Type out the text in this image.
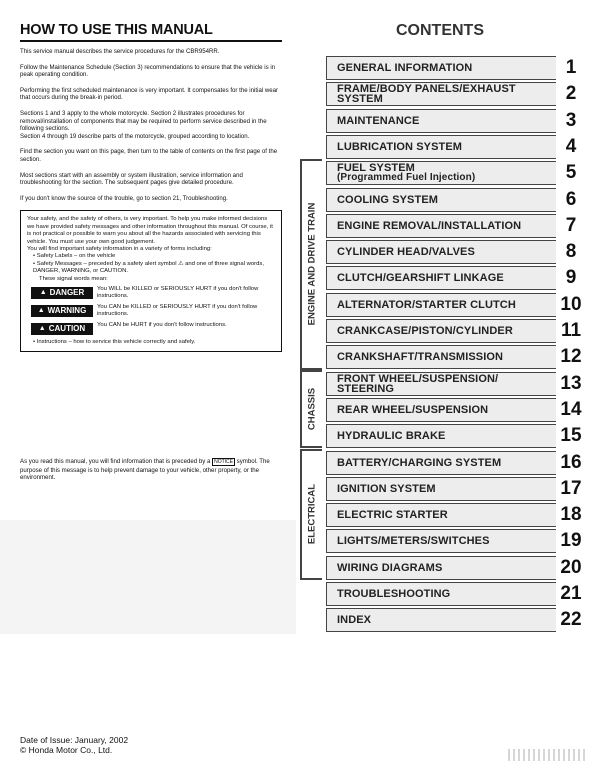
HOW TO USE THIS MANUAL

This service manual describes the service procedures for the CBR954RR.

Follow the Maintenance Schedule (Section 3) recommendations to ensure that the vehicle is in peak operating condition.

Performing the first scheduled maintenance is very important. It compensates for the initial wear that occurs during the break-in period.

Sections 1 and 3 apply to the whole motorcycle. Section 2 illustrates procedures for removal/installation of components that may be required to perform service described in the following sections.

Section 4 through 19 describe parts of the motorcycle, grouped according to location.

Find the section you want on this page, then turn to the table of contents on the first page of the section.

Most sections start with an assembly or system illustration, service information and troubleshooting for the section. The subsequent pages give detailed procedure.

If you don't know the source of the trouble, go to section 21, Troubleshooting.

Your safety, and the safety of others, is very important. To help you make informed decisions we have provided safety messages and other information throughout this manual. Of course, it is not practical or possible to warn you about all the hazards associated with servicing this vehicle. You must use your own good judgement.

You will find important safety information in a variety of forms including:

• Safety Labels – on the vehicle

• Safety Messages – preceded by a safety alert symbol ⚠ and one of three signal words, DANGER, WARNING, or CAUTION.

These signal words mean:

▲ DANGER You WILL be KILLED or SERIOUSLY HURT if you don't follow instructions.
▲ WARNING You CAN be KILLED or SERIOUSLY HURT if you don't follow instructions.
▲ CAUTION You CAN be HURT if you don't follow instructions.

• Instructions – how to service this vehicle correctly and safely.

As you read this manual, you will find information that is preceded by a NOTICE symbol. The purpose of this message is to help prevent damage to your vehicle, other property, or the environment.

Date of Issue: January, 2002

© Honda Motor Co., Ltd.

CONTENTS
ENGINE AND DRIVE TRAIN
CHASSIS
ELECTRICAL
GENERAL INFORMATION	1
FRAME/BODY PANELS/EXHAUST
SYSTEM	2
MAINTENANCE	3
LUBRICATION SYSTEM	4
FUEL SYSTEM
(Programmed Fuel Injection)	5
COOLING SYSTEM	6
ENGINE REMOVAL/INSTALLATION	7
CYLINDER HEAD/VALVES	8
CLUTCH/GEARSHIFT LINKAGE	9
ALTERNATOR/STARTER CLUTCH	10
CRANKCASE/PISTON/CYLINDER	11
CRANKSHAFT/TRANSMISSION	12
FRONT WHEEL/SUSPENSION/
STEERING	13
REAR WHEEL/SUSPENSION	14
HYDRAULIC BRAKE	15
BATTERY/CHARGING SYSTEM	16
IGNITION SYSTEM	17
ELECTRIC STARTER	18
LIGHTS/METERS/SWITCHES	19
WIRING DIAGRAMS	20
TROUBLESHOOTING	21
INDEX	22
